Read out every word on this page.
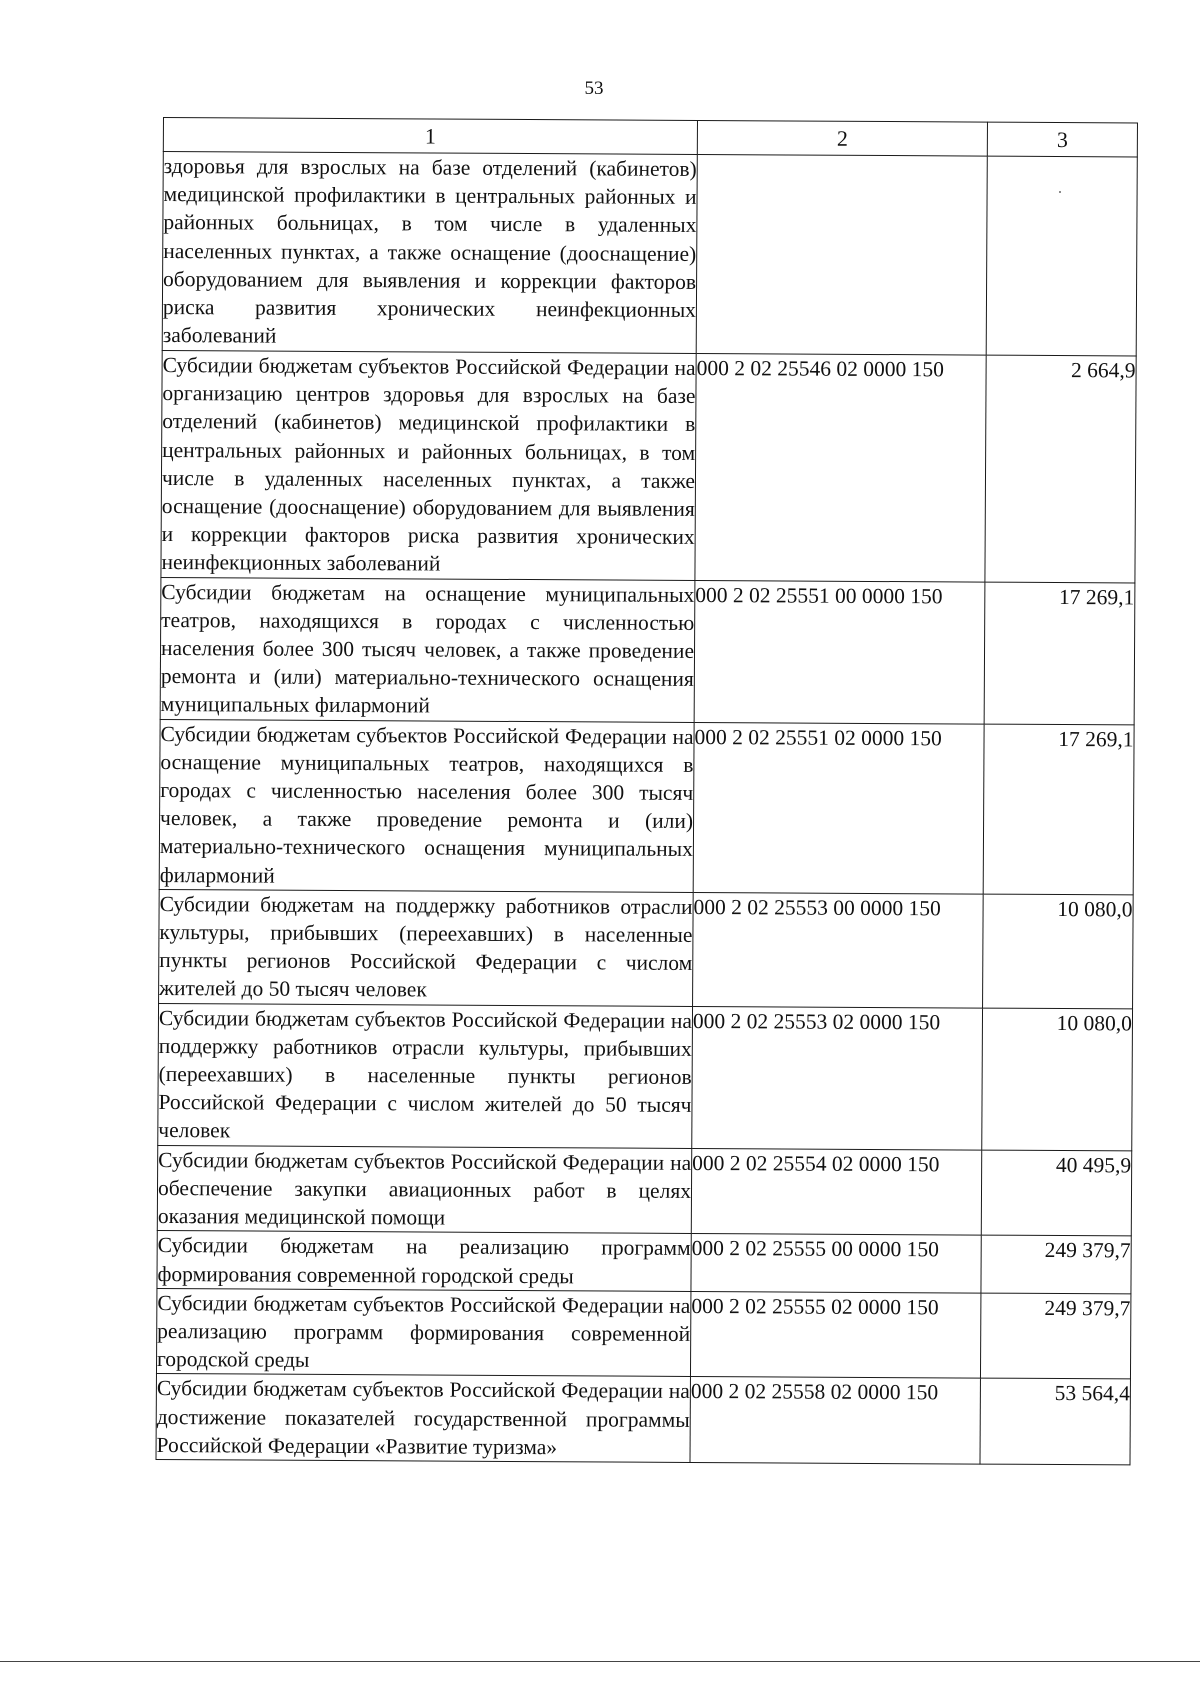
53
1	2	3

здоровья для взрослых на базе отделений (кабинетов) медицинской профилактики в центральных районных и районных больницах, в том числе в удаленных населенных пунктах, а также оснащение (дооснащение) оборудованием для выявления и коррекции факторов риска развития хронических неинфекционных заболеваний		

Субсидии бюджетам субъектов Российской Федерации на организацию центров здоровья для взрослых на базе отделений (кабинетов) медицинской профилактики в центральных районных и районных больницах, в том числе в удаленных населенных пунктах, а также оснащение (дооснащение) оборудованием для выявления и коррекции факторов риска развития хронических неинфекционных заболеваний	000 2 02 25546 02 0000 150	2 664,9

Субсидии бюджетам на оснащение муниципальных театров, находящихся в городах с численностью населения более 300 тысяч человек, а также проведение ремонта и (или) материально-технического оснащения муниципальных филармоний	000 2 02 25551 00 0000 150	17 269,1

Субсидии бюджетам субъектов Российской Федерации на оснащение муниципальных театров, находящихся в городах с численностью населения более 300 тысяч человек, а также проведение ремонта и (или) материально-технического оснащения муниципальных филармоний	000 2 02 25551 02 0000 150	17 269,1

Субсидии бюджетам на поддержку работников отрасли культуры, прибывших (переехавших) в населенные пункты регионов Российской Федерации с числом жителей до 50 тысяч человек	000 2 02 25553 00 0000 150	10 080,0

Субсидии бюджетам субъектов Российской Федерации на поддержку работников отрасли культуры, прибывших (переехавших) в населенные пункты регионов Российской Федерации с числом жителей до 50 тысяч человек	000 2 02 25553 02 0000 150	10 080,0

Субсидии бюджетам субъектов Российской Федерации на обеспечение закупки авиационных работ в целях оказания медицинской помощи	000 2 02 25554 02 0000 150	40 495,9

Субсидии бюджетам на реализацию программ формирования современной городской среды	000 2 02 25555 00 0000 150	249 379,7

Субсидии бюджетам субъектов Российской Федерации на реализацию программ формирования современной городской среды	000 2 02 25555 02 0000 150	249 379,7

Субсидии бюджетам субъектов Российской Федерации на достижение показателей государственной программы Российской Федерации «Развитие туризма»	000 2 02 25558 02 0000 150	53 564,4
